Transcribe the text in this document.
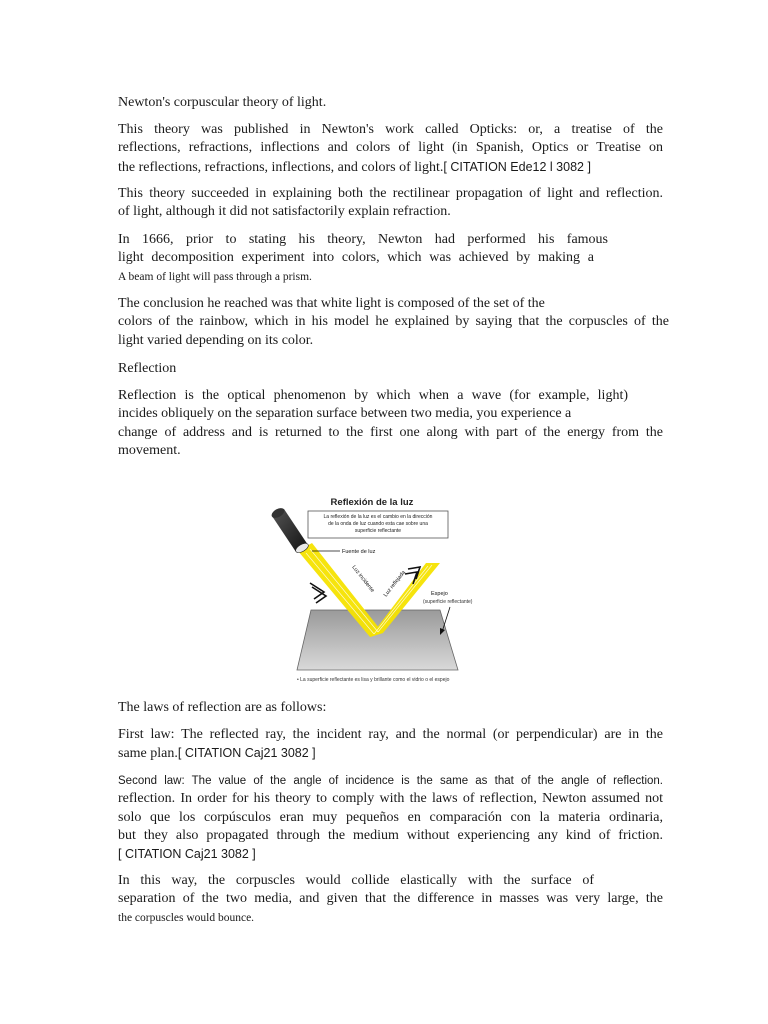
Newton's corpuscular theory of light.

This theory was published in Newton's work called Opticks: or, a treatise of the
reflections, refractions, inflections and colors of light (in Spanish, Optics or Treatise on
the reflections, refractions, inflections, and colors of light.[ CITATION Ede12 l 3082 ]

This theory succeeded in explaining both the rectilinear propagation of light and reflection.
of light, although it did not satisfactorily explain refraction.

In 1666, prior to stating his theory, Newton had performed his famous
light decomposition experiment into colors, which was achieved by making a
A beam of light will pass through a prism.

The conclusion he reached was that white light is composed of the set of the
colors of the rainbow, which in his model he explained by saying that the corpuscles of the
light varied depending on its color.

Reflection

Reflection is the optical phenomenon by which when a wave (for example, light)
incides obliquely on the separation surface between two media, you experience a
change of address and is returned to the first one along with part of the energy from the
movement.

Reflexión de la luz
La reflexión de la luz es el cambio en la dirección
de la onda de luz cuando esta cae sobre una
superficie reflectante
Fuente de luz
Luz incidente Luz reflejada	Espejo
(superficie reflectante)
• La superficie reflectante es lisa y brillante como el vidrio o el espejo

The laws of reflection are as follows:

First law: The reflected ray, the incident ray, and the normal (or perpendicular) are in the
same plan.[ CITATION Caj21 3082 ]

Second law: The value of the angle of incidence is the same as that of the angle of reflection.
reflection. In order for his theory to comply with the laws of reflection, Newton assumed not
solo que los corpúsculos eran muy pequeños en comparación con la materia ordinaria,
but they also propagated through the medium without experiencing any kind of friction.
[ CITATION Caj21 3082 ]

In this way, the corpuscles would collide elastically with the surface of
separation of the two media, and given that the difference in masses was very large, the
the corpuscles would bounce.
